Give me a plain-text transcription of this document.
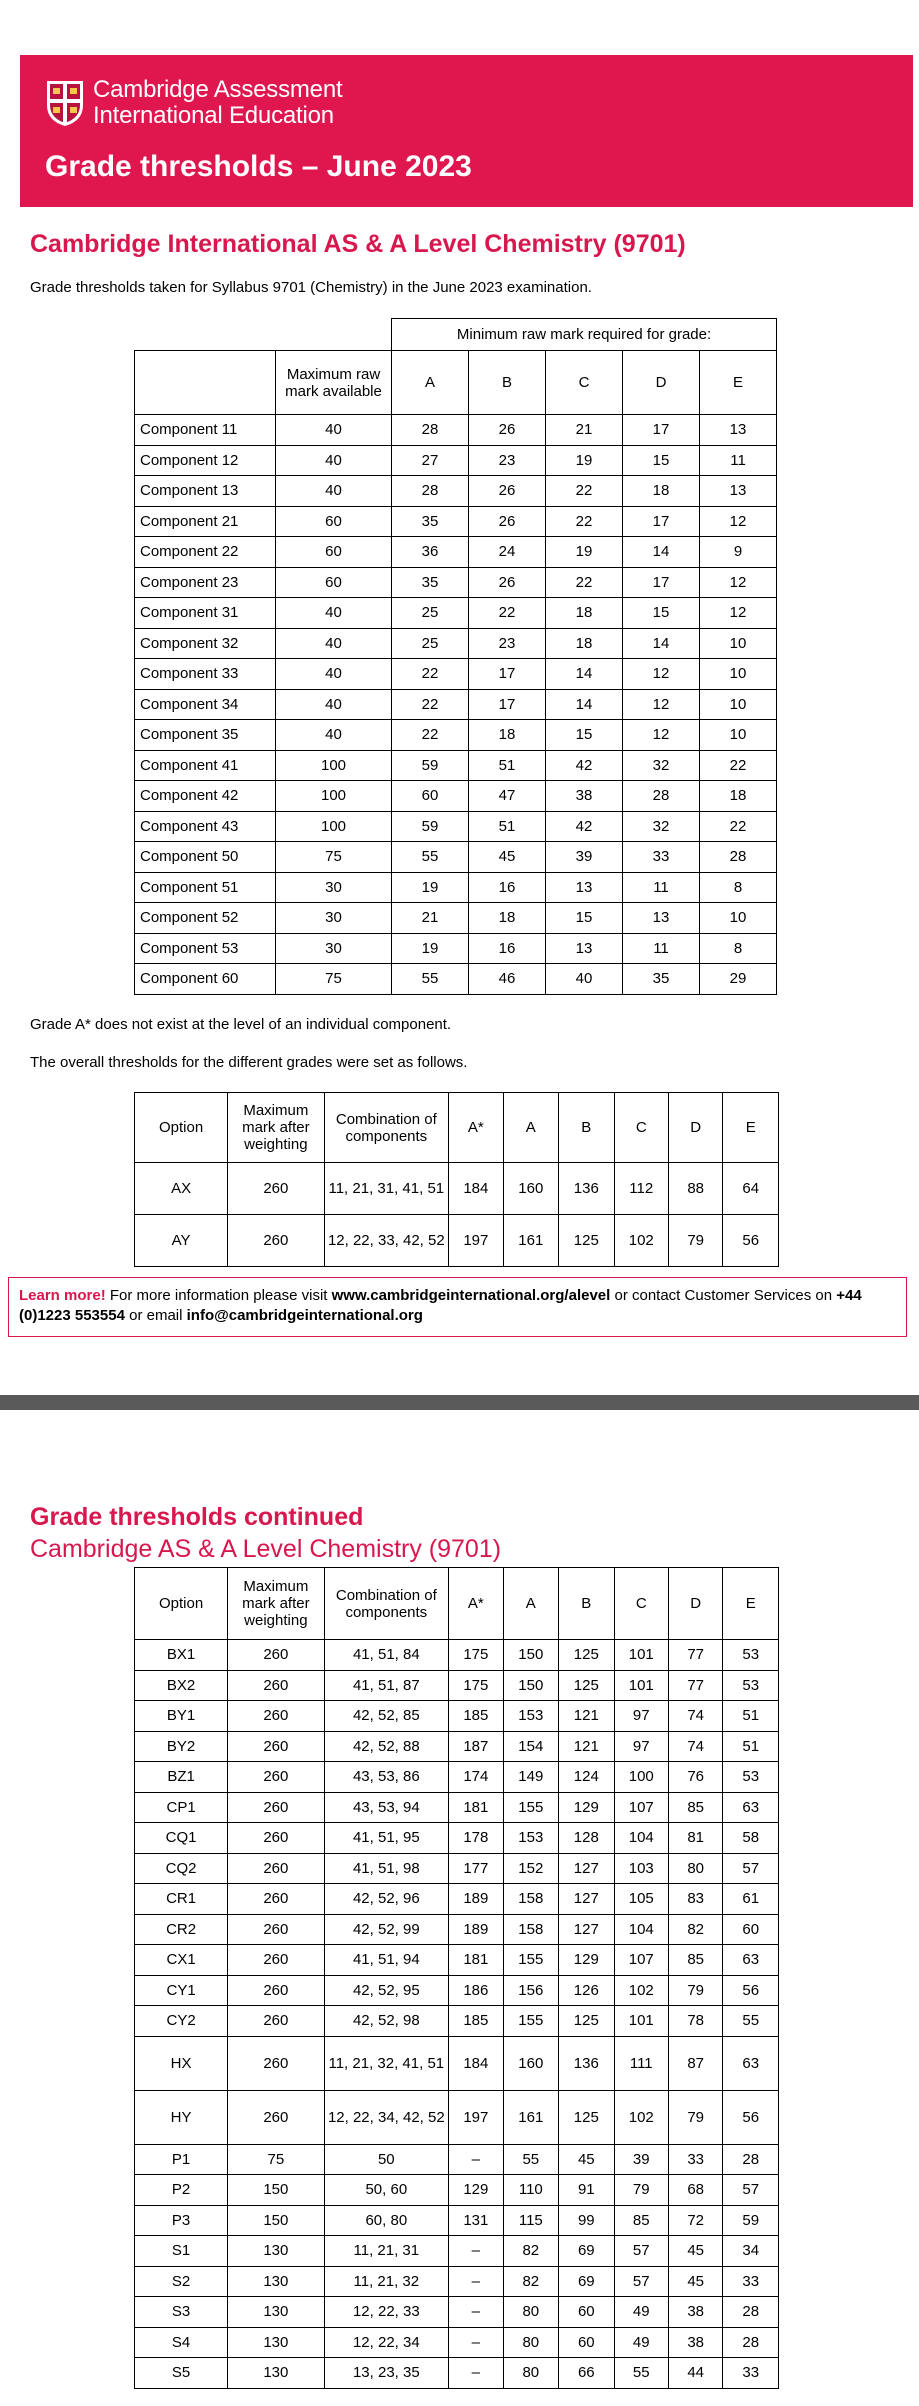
Cambridge Assessment
International Education
Grade thresholds – June 2023
Cambridge International AS & A Level Chemistry (9701)
Grade thresholds taken for Syllabus 9701 (Chemistry) in the June 2023 examination.
		Minimum raw mark required for grade:				
	Maximum raw mark available	A	B	C	D	E
Component 11	40	28	26	21	17	13
Component 12	40	27	23	19	15	11
Component 13	40	28	26	22	18	13
Component 21	60	35	26	22	17	12
Component 22	60	36	24	19	14	9
Component 23	60	35	26	22	17	12
Component 31	40	25	22	18	15	12
Component 32	40	25	23	18	14	10
Component 33	40	22	17	14	12	10
Component 34	40	22	17	14	12	10
Component 35	40	22	18	15	12	10
Component 41	100	59	51	42	32	22
Component 42	100	60	47	38	28	18
Component 43	100	59	51	42	32	22
Component 50	75	55	45	39	33	28
Component 51	30	19	16	13	11	8
Component 52	30	21	18	15	13	10
Component 53	30	19	16	13	11	8
Component 60	75	55	46	40	35	29
Grade A* does not exist at the level of an individual component.
The overall thresholds for the different grades were set as follows.
Option	Maximum mark after weighting	Combination of components	A*	A	B	C	D	E
AX	260	11, 21, 31, 41, 51	184	160	136	112	88	64
AY	260	12, 22, 33, 42, 52	197	161	125	102	79	56
Learn more! For more information please visit www.cambridgeinternational.org/alevel or contact Customer Services on +44 (0)1223 553554 or email info@cambridgeinternational.org
Grade thresholds continued
Cambridge AS & A Level Chemistry (9701)
Option	Maximum mark after weighting	Combination of components	A*	A	B	C	D	E
BX1	260	41, 51, 84	175	150	125	101	77	53
BX2	260	41, 51, 87	175	150	125	101	77	53
BY1	260	42, 52, 85	185	153	121	97	74	51
BY2	260	42, 52, 88	187	154	121	97	74	51
BZ1	260	43, 53, 86	174	149	124	100	76	53
CP1	260	43, 53, 94	181	155	129	107	85	63
CQ1	260	41, 51, 95	178	153	128	104	81	58
CQ2	260	41, 51, 98	177	152	127	103	80	57
CR1	260	42, 52, 96	189	158	127	105	83	61
CR2	260	42, 52, 99	189	158	127	104	82	60
CX1	260	41, 51, 94	181	155	129	107	85	63
CY1	260	42, 52, 95	186	156	126	102	79	56
CY2	260	42, 52, 98	185	155	125	101	78	55
HX	260	11, 21, 32, 41, 51	184	160	136	111	87	63
HY	260	12, 22, 34, 42, 52	197	161	125	102	79	56
P1	75	50	–	55	45	39	33	28
P2	150	50, 60	129	110	91	79	68	57
P3	150	60, 80	131	115	99	85	72	59
S1	130	11, 21, 31	–	82	69	57	45	34
S2	130	11, 21, 32	–	82	69	57	45	33
S3	130	12, 22, 33	–	80	60	49	38	28
S4	130	12, 22, 34	–	80	60	49	38	28
S5	130	13, 23, 35	–	80	66	55	44	33
